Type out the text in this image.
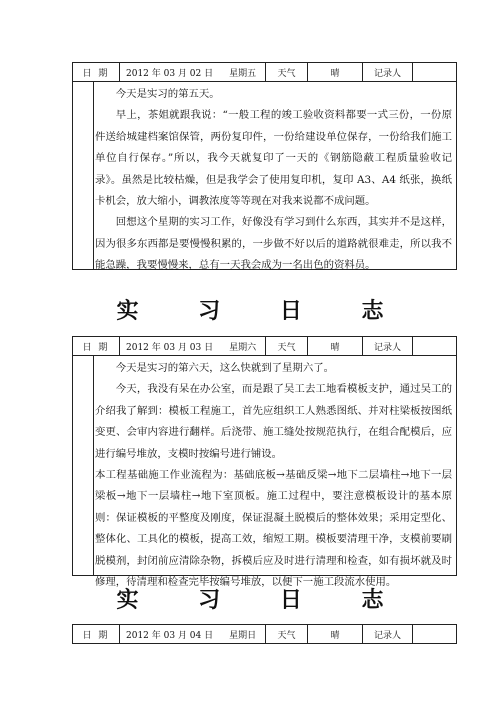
日 期	2012 年 03 月 02 日 星期五	天气	晴	记录人

今天是实习的第五天。

早上，茶姐就跟我说：“一般工程的竣工验收资料都要一式三份，一份原件送给城建档案馆保管，两份复印件，一份给建设单位保存，一份给我们施工单位自行保存。”所以，我今天就复印了一天的《钢筋隐蔽工程质量验收记录》。虽然是比较枯燥，但是我学会了使用复印机，复印 A3、A4 纸张，换纸卡机会，放大缩小，调教浓度等等现在对我来说都不成问题。

回想这个星期的实习工作，好像没有学习到什么东西，其实并不是这样，因为很多东西都是要慢慢积累的，一步做不好以后的道路就很难走，所以我不能急躁，我要慢慢来，总有一天我会成为一名出色的资料员。

实 习 日 志
日 期	2012 年 03 月 03 日 星期六	天气	晴	记录人

今天是实习的第六天，这么快就到了星期六了。

今天，我没有呆在办公室，而是跟了吴工去工地看模板支护，通过吴工的介绍我了解到：模板工程施工，首先应组织工人熟悉图纸、并对柱梁板按图纸变更、会审内容进行翻样。后浇带、施工缝处按规范执行，在组合配模后，应进行编号堆放，支模时按编号进行铺设。

本工程基础施工作业流程为：基础底板→基础反梁→地下二层墙柱→地下一层梁板→地下一层墙柱→地下室顶板。施工过程中，要注意模板设计的基本原则：保证模板的平整度及刚度，保证混凝土脱模后的整体效果；采用定型化、整体化、工具化的模板，提高工效，缩短工期。模板要清理干净，支模前要刷脱模剂，封闭前应清除杂物，拆模后应及时进行清理和检查，如有损坏就及时修理，待清理和检查完毕按编号堆放，以便下一施工段流水使用。

实 习 日 志
日 期	2012 年 03 月 04 日 星期日	天气	晴	记录人
